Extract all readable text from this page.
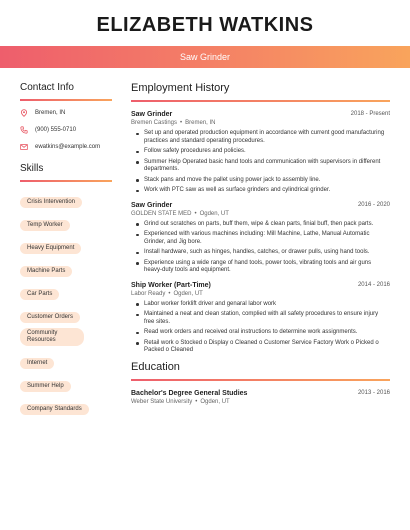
ELIZABETH WATKINS
Saw Grinder
Contact Info
Bremen, IN
(900) 555-0710
ewatkins@example.com
Skills
Crisis Intervention
Temp Worker
Heavy Equipment
Machine Parts
Car Parts
Customer Orders
Community Resources
Internet
Summer Help
Company Standards
Employment History
Saw Grinder	2018 - Present
Bremen Castings • Bremen, IN
Set up and operated production equipment in accordance with current good manufacturing practices and standard operating procedures.
Follow safety procedures and policies.
Summer Help Operated basic hand tools and communication with supervisors in different departments.
Stack pans and move the pallet using power jack to assembly line.
Work with PTC saw as well as surface grinders and cylindrical grinder.
Saw Grinder	2016 - 2020
GOLDEN STATE MED • Ogden, UT
Grind out scratches on parts, buff them, wipe & clean parts, finial buff, then pack parts.
Experienced with various machines including: Mill Machine, Lathe, Manual Automatic Grinder, and Jig bore.
Install hardware, such as hinges, handles, catches, or drawer pulls, using hand tools.
Experience using a wide range of hand tools, power tools, vibrating tools and air guns heavy-duty tools and equipment.
Ship Worker (Part-Time)	2014 - 2016
Labor Ready • Ogden, UT
Labor worker forklift driver and genaral labor work
Maintained a neat and clean station, complied with all safety procedures to ensure injury free sites.
Read work orders and received oral instructions to determine work assignments.
Retail work o Stocked o Display o Cleaned o Customer Service Factory Work o Picked o Packed o Cleaned
Education
Bachelor's Degree General Studies	2013 - 2016
Weber State University • Ogden, UT
